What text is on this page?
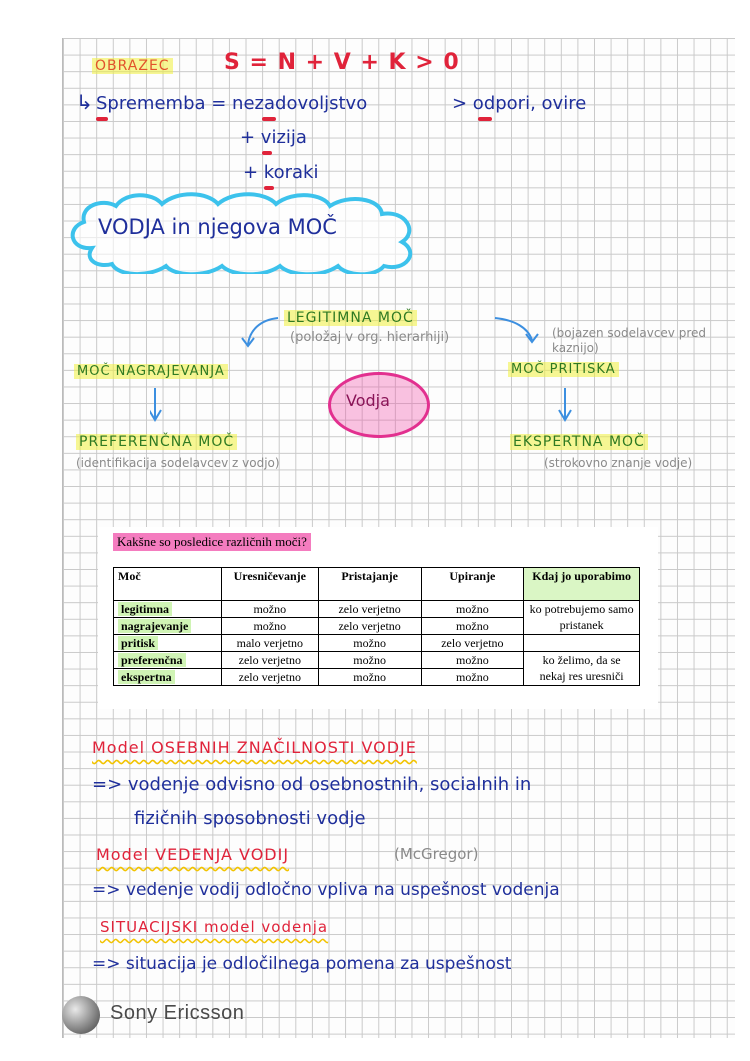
OBRAZEC S = N + V + K > 0
↳ Sprememba = nezadovoljstvo	> odpori, ovire
+ vizija
+ koraki
VODJA in njegova MOČ
LEGITIMNA MOČ
(položaj v org. hierarhiji)
MOČ NAGRAJEVANJA
Vodja
(bojazen sodelavcev pred kaznijo)
MOČ PRITISKA
PREFERENČNA MOČ
(identifikacija sodelavcev z vodjo)
EKSPERTNA MOČ
(strokovno znanje vodje)
Kakšne so posledice različnih moči?
Moč	Uresničevanje	Pristajanje	Upiranje	Kdaj jo uporabimo
legitimna	možno	zelo verjetno	možno	ko potrebujemo samo pristanek
nagrajevanje	možno	zelo verjetno	možno	
pritisk	malo verjetno	možno	zelo verjetno	
preferenčna	zelo verjetno	možno	možno	ko želimo, da se nekaj res uresniči
ekspertna	zelo verjetno	možno	možno	
Model OSEBNIH ZNAČILNOSTI VODJE
=> vodenje odvisno od osebnostnih, socialnih in
fizičnih sposobnosti vodje
Model VEDENJA VODIJ	(McGregor)
=> vedenje vodij odločno vpliva na uspešnost vodenja
SITUACIJSKI model vodenja
=> situacija je odločilnega pomena za uspešnost
Sony Ericsson
